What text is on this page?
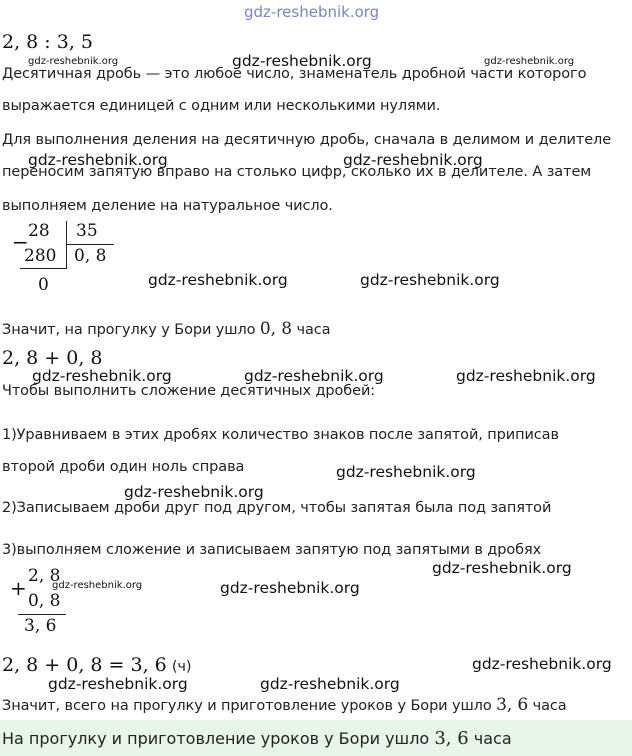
gdz-reshebnik.org
2, 8 : 3, 5
gdz-reshebnik.org	gdz-reshebnik.org	gdz-reshebnik.org
Десятичная дробь — это любое число, знаменатель дробной части которого
выражается единицей с одним или несколькими нулями.
Для выполнения деления на десятичную дробь, сначала в делимом и делителе
переносим запятую вправо на столько цифр, сколько их в делителе. А затем
gdz-reshebnik.org	gdz-reshebnik.org
выполняем деление на натуральное число.
− 28 35
280 0, 8
0	gdz-reshebnik.org	gdz-reshebnik.org
Значит, на прогулку у Бори ушло 0, 8 часа
2, 8 + 0, 8
gdz-reshebnik.org	gdz-reshebnik.org	gdz-reshebnik.org
Чтобы выполнить сложение десятичных дробей:
1)Уравниваем в этих дробях количество знаков после запятой, приписав
второй дроби один ноль справа	gdz-reshebnik.org
gdz-reshebnik.org
2)Записываем дроби друг под другом, чтобы запятая была под запятой
3)выполняем сложение и записываем запятую под запятыми в дробях
+ 2, 8
0, 8
3, 6
gdz-reshebnik.org	gdz-reshebnik.org
gdz-reshebnik.org
2, 8 + 0, 8 = 3, 6 (ч)	gdz-reshebnik.org
gdz-reshebnik.org	gdz-reshebnik.org
Значит, всего на прогулку и приготовление уроков у Бори ушло 3, 6 часа
На прогулку и приготовление уроков у Бори ушло 3, 6 часа
